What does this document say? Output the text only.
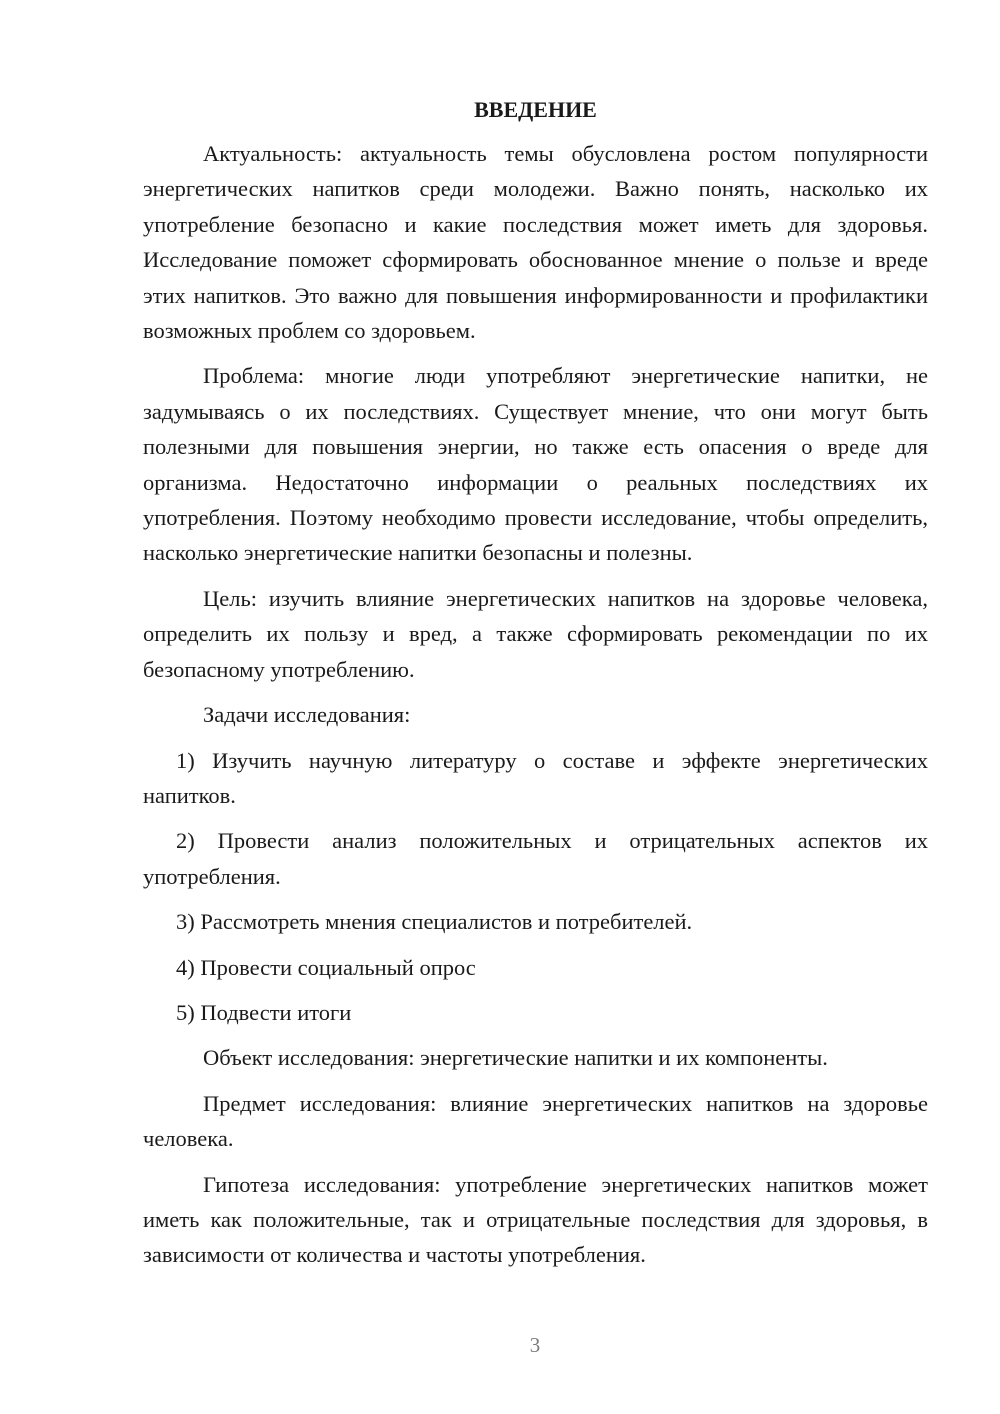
ВВЕДЕНИЕ

Актуальность: актуальность темы обусловлена ростом популярности энергетических напитков среди молодежи. Важно понять, насколько их употребление безопасно и какие последствия может иметь для здоровья. Исследование поможет сформировать обоснованное мнение о пользе и вреде этих напитков. Это важно для повышения информированности и профилактики возможных проблем со здоровьем.

Проблема: многие люди употребляют энергетические напитки, не задумываясь о их последствиях. Существует мнение, что они могут быть полезными для повышения энергии, но также есть опасения о вреде для организма. Недостаточно информации о реальных последствиях их употребления. Поэтому необходимо провести исследование, чтобы определить, насколько энергетические напитки безопасны и полезны.

Цель: изучить влияние энергетических напитков на здоровье человека, определить их пользу и вред, а также сформировать рекомендации по их безопасному употреблению.

Задачи исследования:

1) Изучить научную литературу о составе и эффекте энергетических напитков.

2) Провести анализ положительных и отрицательных аспектов их употребления.

3) Рассмотреть мнения специалистов и потребителей.

4) Провести социальный опрос

5) Подвести итоги

Объект исследования: энергетические напитки и их компоненты.

Предмет исследования: влияние энергетических напитков на здоровье человека.

Гипотеза исследования: употребление энергетических напитков может иметь как положительные, так и отрицательные последствия для здоровья, в зависимости от количества и частоты употребления.

3
